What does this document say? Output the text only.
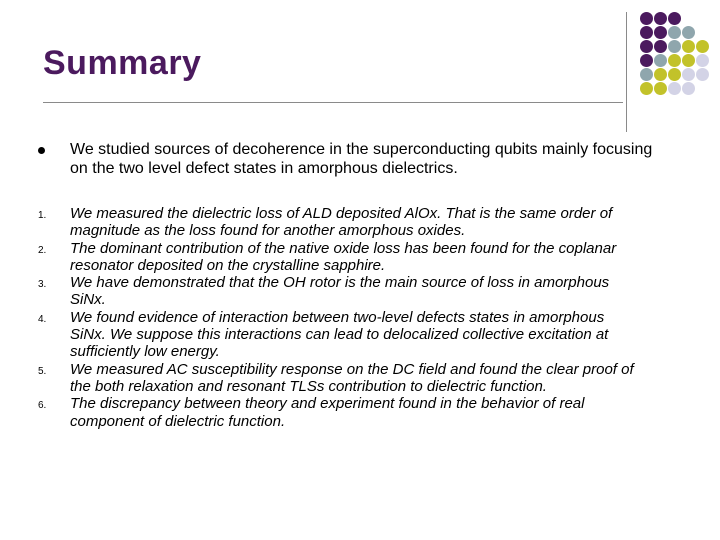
Summary
We studied sources of decoherence in the superconducting qubits mainly focusing on the two level defect states in amorphous dielectrics.
1.	We measured the dielectric loss of ALD deposited AlOx. That is the same order of
magnitude as the loss found for another amorphous oxides.
2.	The dominant contribution of the native oxide loss has been found for the coplanar
resonator deposited on the crystalline sapphire.
3.	We have demonstrated that the OH rotor is the main source of loss in amorphous
SiNx.
4.	We found evidence of interaction between two-level defects states in amorphous
SiNx. We suppose this interactions can lead to delocalized collective excitation at
sufficiently low energy.
5.	We measured AC susceptibility response on the DC field and found the clear proof of
the both relaxation and resonant TLSs contribution to dielectric function.
6.	The discrepancy between theory and experiment found in the behavior of real
component of dielectric function.
